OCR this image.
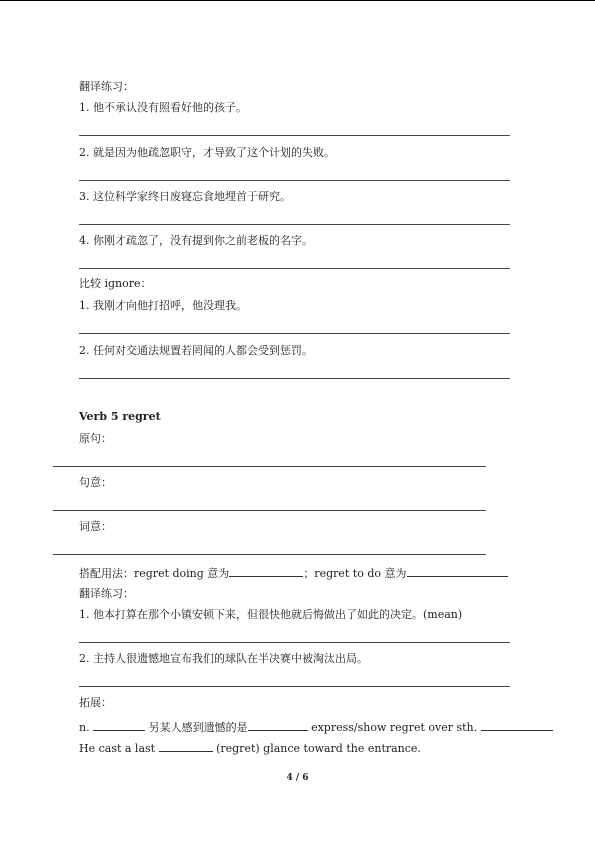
翻译练习：
1. 他不承认没有照看好他的孩子。
2. 就是因为他疏忽职守，才导致了这个计划的失败。
3. 这位科学家终日废寝忘食地埋首于研究。
4. 你刚才疏忽了，没有提到你之前老板的名字。
比较 ignore：
1. 我刚才向他打招呼，他没理我。
2. 任何对交通法规置若罔闻的人都会受到惩罚。
Verb 5 regret
原句：
句意：
词意：
搭配用法：regret doing 意为	；regret to do 意为
翻译练习：
1. 他本打算在那个小镇安顿下来，但很快他就后悔做出了如此的决定。(mean)
2. 主持人很遗憾地宣布我们的球队在半决赛中被淘汰出局。
拓展：
n.	另某人感到遗憾的是	express/show regret over sth.
He cast a last	(regret) glance toward the entrance.
4 / 6
